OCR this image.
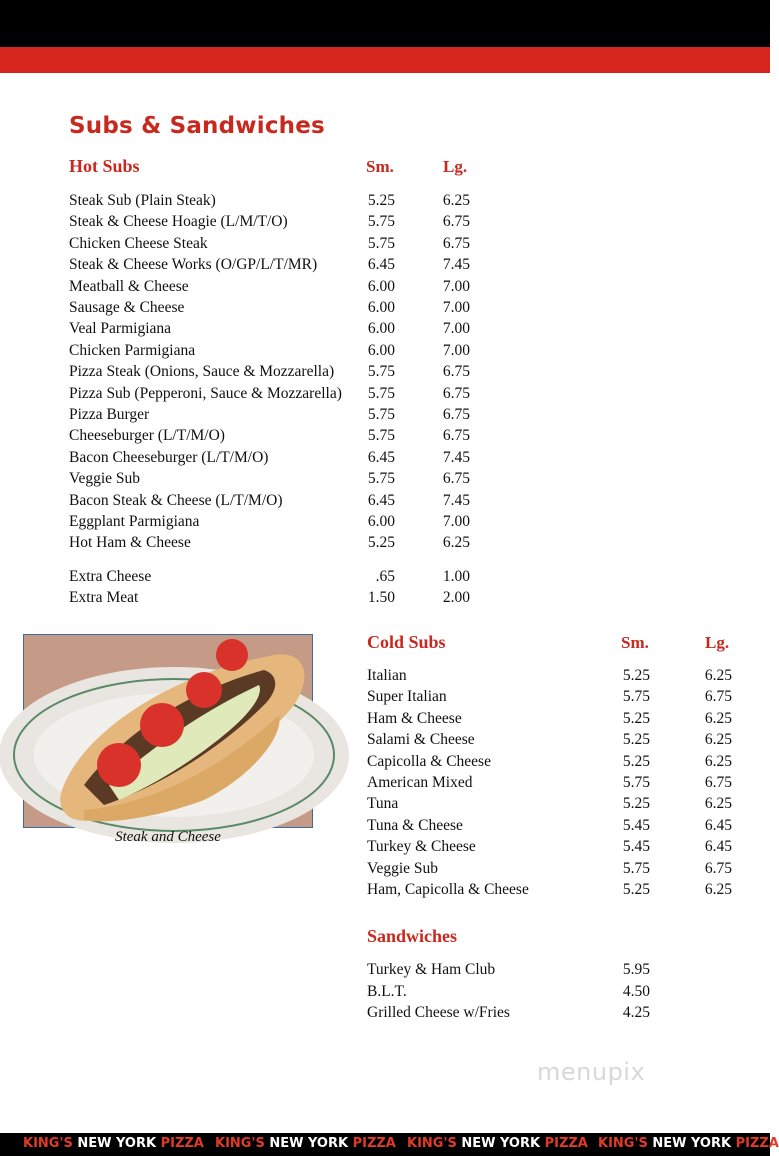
Subs & Sandwiches
Hot Subs	Sm.	Lg.
Steak Sub (Plain Steak)	5.25	6.25
Steak & Cheese Hoagie (L/M/T/O)	5.75	6.75
Chicken Cheese Steak	5.75	6.75
Steak & Cheese Works (O/GP/L/T/MR)	6.45	7.45
Meatball & Cheese	6.00	7.00
Sausage & Cheese	6.00	7.00
Veal Parmigiana	6.00	7.00
Chicken Parmigiana	6.00	7.00
Pizza Steak (Onions, Sauce & Mozzarella)	5.75	6.75
Pizza Sub (Pepperoni, Sauce & Mozzarella)	5.75	6.75
Pizza Burger	5.75	6.75
Cheeseburger (L/T/M/O)	5.75	6.75
Bacon Cheeseburger (L/T/M/O)	6.45	7.45
Veggie Sub	5.75	6.75
Bacon Steak & Cheese (L/T/M/O)	6.45	7.45
Eggplant Parmigiana	6.00	7.00
Hot Ham & Cheese	5.25	6.25
Extra Cheese	.65	1.00
Extra Meat	1.50	2.00
Steak and Cheese
Cold Subs	Sm.	Lg.
Italian	5.25	6.25
Super Italian	5.75	6.75
Ham & Cheese	5.25	6.25
Salami & Cheese	5.25	6.25
Capicolla & Cheese	5.25	6.25
American Mixed	5.75	6.75
Tuna	5.25	6.25
Tuna & Cheese	5.45	6.45
Turkey & Cheese	5.45	6.45
Veggie Sub	5.75	6.75
Ham, Capicolla & Cheese	5.25	6.25
Sandwiches
Turkey & Ham Club	5.95
B.L.T.	4.50
Grilled Cheese w/Fries	4.25
menupix
KING'S NEW YORK PIZZA KING'S NEW YORK PIZZA KING'S NEW YORK PIZZA KING'S NEW YORK PIZZA
